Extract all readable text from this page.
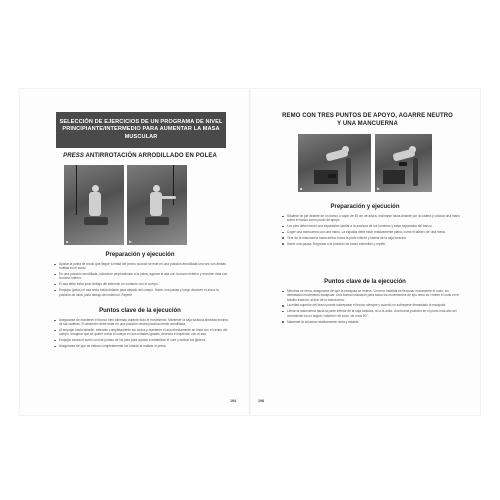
SELECCIÓN DE EJERCICIOS DE UN PROGRAMA DE NIVEL PRINCIPIANTE/INTERMEDIO PARA AUMENTAR LA MASA MUSCULAR
PRESS ANTIRROTACIÓN ARRODILLADO EN POLEA
a	b
Preparación y ejecución
Ajustar la polea de modo que llegue a mitad del pecho cuando se esté en una posición arrodillada una vez con ambas rodillas en el suelo.
En una posición arrodillada, colocarse perpendicular a la polea, agarrar el asa con la mano exterior y envolver ésta con la mano interior.
El asa debe estar justo debajo del esternón en contacto con el cuerpo.
Empujar (press) el asa recta hacia delante para alejarlo del cuerpo. Hacer una pausa y luego devolver el asa a la posición de inicio justo debajo del esternón. Repetir.
Puntos clave de la ejecución
Asegurarse de mantener el tronco bien alineado durante todo el movimiento. Mantener la caja torácica alineada encima de las caderas. El abdomen debe estar en una posición neutra plancha medio arrodillada.
Al empujar hacia delante, extender completamente los codos y mantener el asa directamente en línea con el centro del cuerpo. Imaginar que se quiere cortar el cuerpo en dos mitades iguales, derecha e izquierda, con el asa.
Empujar contra el suelo con las puntas de los pies para ayudar a estabilizar el core y activar los glúteos.
Asegurarse de que se estiran completamente los brazos al realizar el press.
194
REMO CON TRES PUNTOS DE APOYO, AGARRE NEUTRO Y UNA MANCUERNA
a	b
Preparación y ejecución
Situarse de pie delante de un banco o cajón de 45 cm de altura. Inclinarse hacia delante por la cadera y colocar una mano sobre el banco como punto de apoyo.
Los pies deben tener una separación similar a la anchura de los hombros y estar separados del banco.
Coger una mancuerna con una mano. La espalda debe estar relativamente plana, como el tablero de una mesa.
Tirar de la mancuerna hacia arriba, hacia la parte inferior y lateral de la caja torácica.
Hacer una pausa. Regresar a la posición de brazo extendido y repetir.
Puntos clave de la ejecución
Mientras se rema, asegurarse de que la escápula se mueve. Un error habitual es flexionar únicamente el codo, sin demasiado movimiento escapular. Una buena indicación para todos los movimientos de tipo remo es «meter el codo en el bolsillo trasero» al tirar de la mancuerna.
La mitad superior del brazo puede sobrepasar el tronco siempre y cuando no sobrepase demasiado la escápula.
Llevar la mancuerna hacia la parte inferior de la caja torácica, no a la axila. Una buena posición en el punto más alto del movimiento es un ángulo «abierto» de codo, de unos 90°.
Mantener la columna relativamente recta y estable.
198
